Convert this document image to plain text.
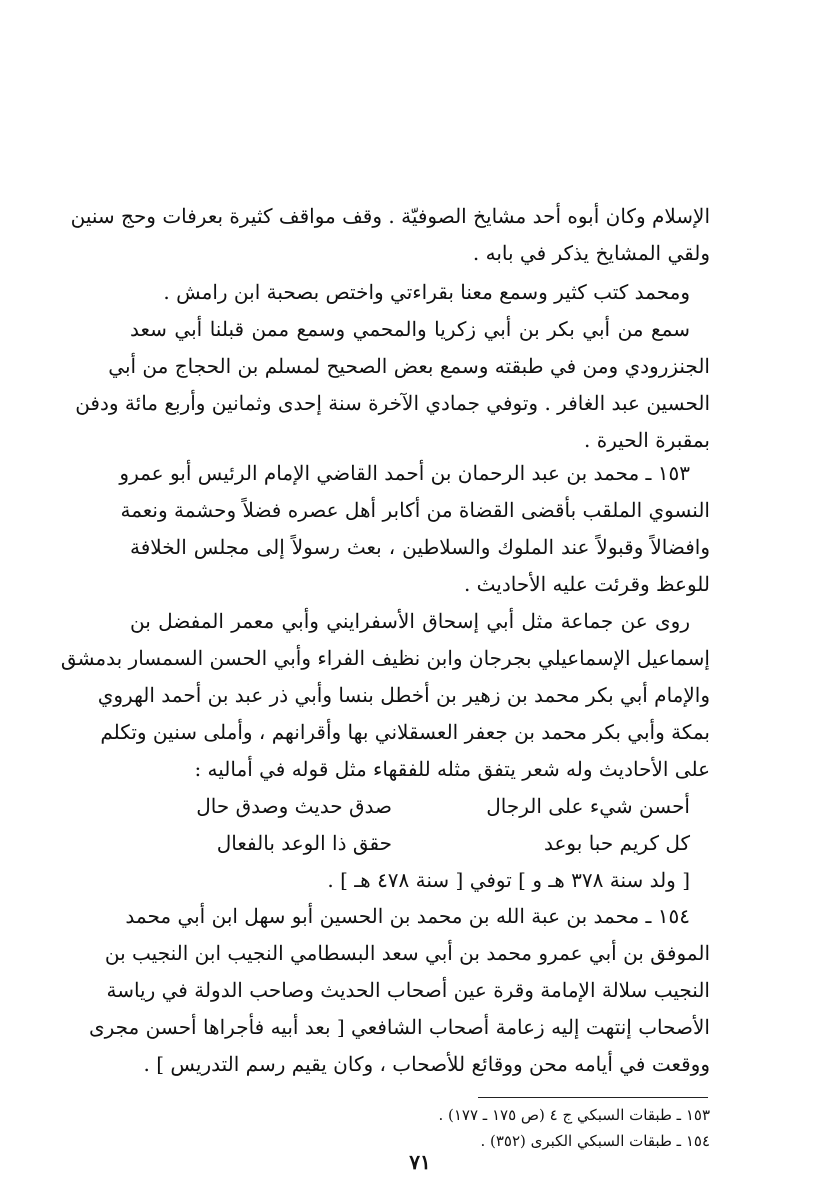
الإسلام وكان أبوه أحد مشايخ الصوفيّة . وقف مواقف كثيرة بعرفات وحج سنين
ولقي المشايخ يذكر في بابه .
ومحمد كتب كثير وسمع معنا بقراءتي واختص بصحبة ابن رامش .
سمع من أبي بكر بن أبي زكريا والمحمي وسمع ممن قبلنا أبي سعد
الجنزرودي ومن في طبقته وسمع بعض الصحيح لمسلم بن الحجاج من أبي
الحسين عبد الغافر . وتوفي جمادي الآخرة سنة إحدى وثمانين وأربع مائة ودفن
بمقبرة الحيرة .
١٥٣ ـ محمد بن عبد الرحمان بن أحمد القاضي الإمام الرئيس أبو عمرو
النسوي الملقب بأقضى القضاة من أكابر أهل عصره فضلاً وحشمة ونعمة
وافضالاً وقبولاً عند الملوك والسلاطين ، بعث رسولاً إلى مجلس الخلافة
للوعظ وقرئت عليه الأحاديث .
روى عن جماعة مثل أبي إسحاق الأسفرايني وأبي معمر المفضل بن
إسماعيل الإسماعيلي بجرجان وابن نظيف الفراء وأبي الحسن السمسار بدمشق
والإمام أبي بكر محمد بن زهير بن أخطل بنسا وأبي ذر عبد بن أحمد الهروي
بمكة وأبي بكر محمد بن جعفر العسقلاني بها وأقرانهم ، وأملى سنين وتكلم
على الأحاديث وله شعر يتفق مثله للفقهاء مثل قوله في أماليه :
أحسن شيء على الرجال
صدق حديث وصدق حال
كل كريم حبا بوعد
حقق ذا الوعد بالفعال
[ ولد سنة ٣٧٨ هـ و ] توفي [ سنة ٤٧٨ هـ ] .
١٥٤ ـ محمد بن عبة الله بن محمد بن الحسين أبو سهل ابن أبي محمد
الموفق بن أبي عمرو محمد بن أبي سعد البسطامي النجيب ابن النجيب بن
النجيب سلالة الإمامة وقرة عين أصحاب الحديث وصاحب الدولة في رياسة
الأصحاب إنتهت إليه زعامة أصحاب الشافعي [ بعد أبيه فأجراها أحسن مجرى
ووقعت في أيامه محن ووقائع للأصحاب ، وكان يقيم رسم التدريس ] .
١٥٣ ـ طبقات السبكي ج ٤ (ص ١٧٥ ـ ١٧٧) .
١٥٤ ـ طبقات السبكي الكبرى (٣٥٢) .
٧١
